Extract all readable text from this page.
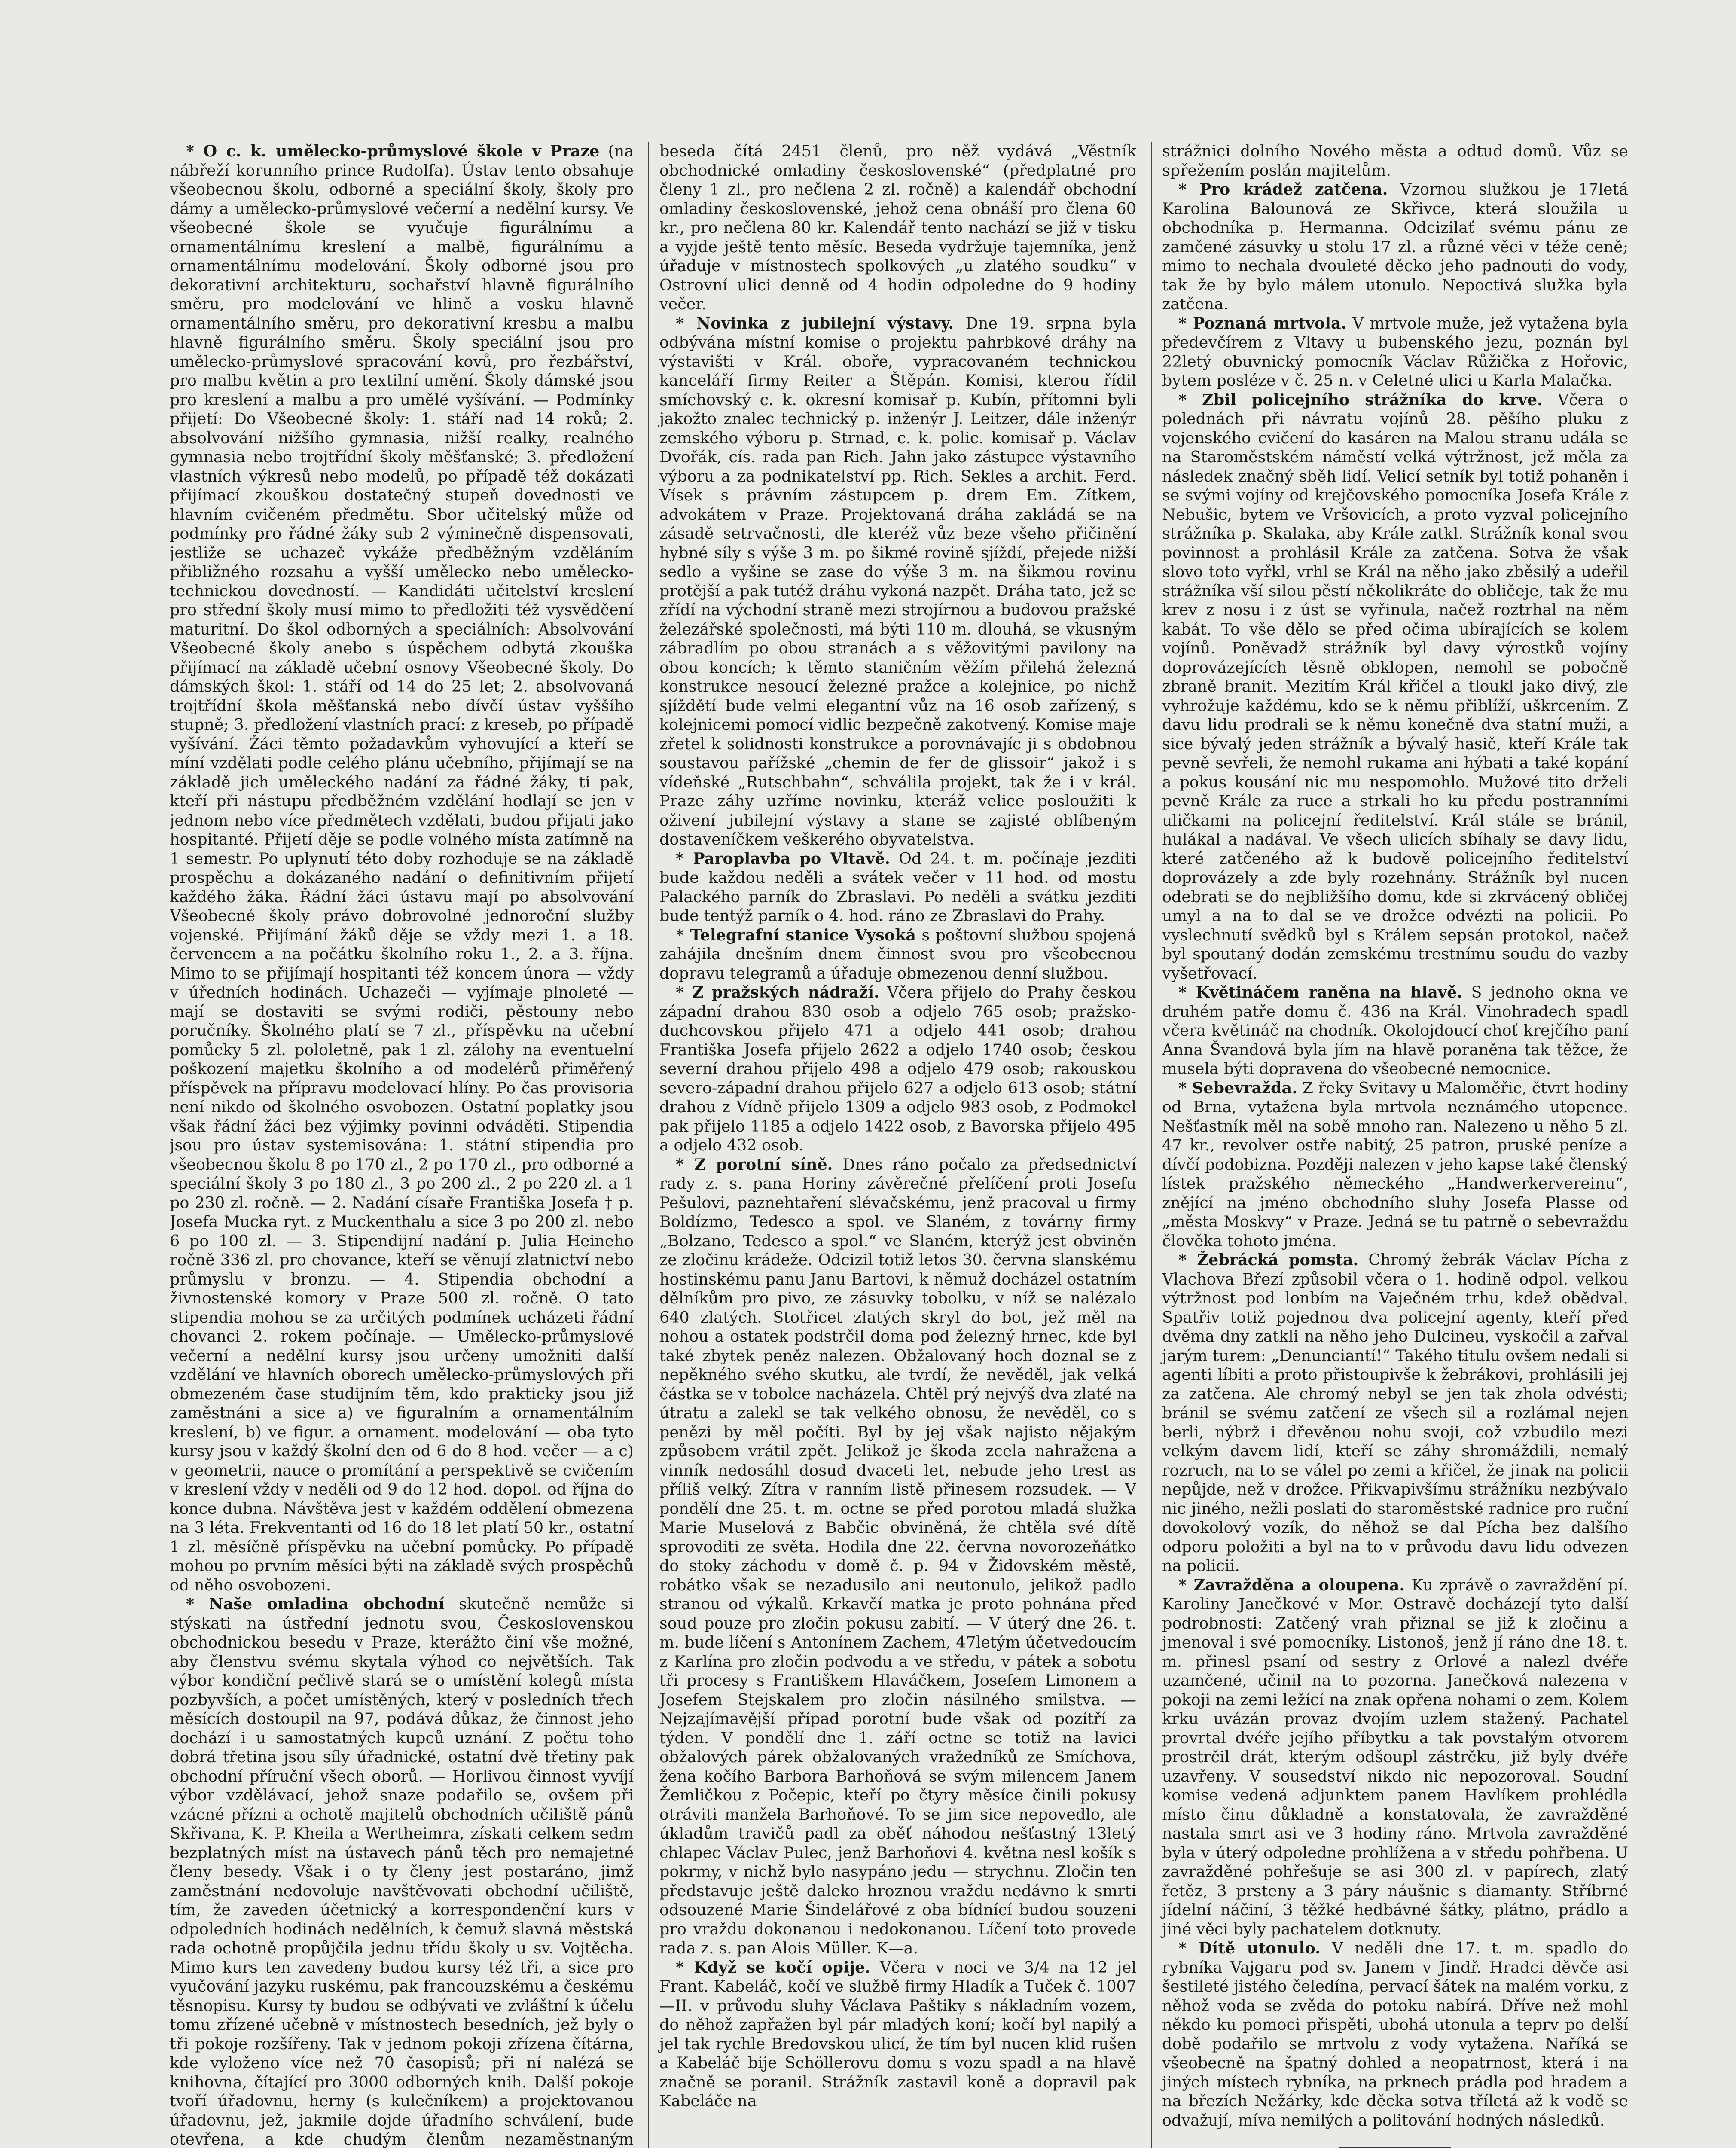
* O c. k. umělecko-průmyslové škole v Praze (na nábřeží korunního prince Rudolfa). Ústav tento obsahuje všeobecnou školu, odborné a speciální školy, školy pro dámy a umělecko-průmyslové večerní a nedělní kursy. Ve všeobecné škole se vyučuje figurálnímu a ornamentálnímu kreslení a malbě, figurálnímu a ornamentálnímu modelování. Školy odborné jsou pro dekorativní architekturu, sochařství hlavně figurálního směru, pro modelování ve hlině a vosku hlavně ornamentálního směru, pro dekorativní kresbu a malbu hlavně figurálního směru. Školy speciální jsou pro umělecko-průmyslové spracování kovů, pro řezbářství, pro malbu květin a pro textilní umění. Školy dámské jsou pro kreslení a malbu a pro umělé vyšívání. — Podmínky přijetí: Do Všeobecné školy: 1. stáří nad 14 roků; 2. absolvování nižšího gymnasia, nižší realky, realného gymnasia nebo trojtřídní školy měšťanské; 3. předložení vlastních výkresů nebo modelů, po případě též dokázati přijímací zkouškou dostatečný stupeň dovednosti ve hlavním cvičeném předmětu. Sbor učitelský může od podmínky pro řádné žáky sub 2 výminečně dispensovati, jestliže se uchazeč vykáže předběžným vzděláním přibližného rozsahu a vyšší umělecko nebo umělecko-technickou dovedností. — Kandidáti učitelství kreslení pro střední školy musí mimo to předložiti též vysvědčení maturitní. Do škol odborných a speciálních: Absolvování Všeobecné školy anebo s úspěchem odbytá zkouška přijímací na základě učební osnovy Všeobecné školy. Do dámských škol: 1. stáří od 14 do 25 let; 2. absolvovaná trojtřídní škola měšťanská nebo dívčí ústav vyššího stupně; 3. předložení vlastních prací: z kreseb, po případě vyšívání. Žáci těmto požadavkům vyhovující a kteří se míní vzdělati podle celého plánu učebního, přijímají se na základě jich uměleckého nadání za řádné žáky, ti pak, kteří při nástupu předběžném vzdělání hodlají se jen v jednom nebo více předmětech vzdělati, budou přijati jako hospitanté. Přijetí děje se podle volného místa zatímně na 1 semestr. Po uplynutí této doby rozhoduje se na základě prospěchu a dokázaného nadání o definitivním přijetí každého žáka. Řádní žáci ústavu mají po absolvování Všeobecné školy právo dobrovolné jednoroční služby vojenské. Přijímání žáků děje se vždy mezi 1. a 18. červencem a na počátku školního roku 1., 2. a 3. října. Mimo to se přijímají hospitanti též koncem února — vždy v úředních hodinách. Uchazeči — vyjímaje plnoleté — mají se dostaviti se svými rodiči, pěstouny nebo poručníky. Školného platí se 7 zl., příspěvku na učební pomůcky 5 zl. pololetně, pak 1 zl. zálohy na eventuelní poškození majetku školního a od modelérů přiměřený příspěvek na přípravu modelovací hlíny. Po čas provisoria není nikdo od školného osvobozen. Ostatní poplatky jsou však řádní žáci bez výjimky povinni odváděti. Stipendia jsou pro ústav systemisována: 1. státní stipendia pro všeobecnou školu 8 po 170 zl., 2 po 170 zl., pro odborné a speciální školy 3 po 180 zl., 3 po 200 zl., 2 po 220 zl. a 1 po 230 zl. ročně. — 2. Nadání císaře Františka Josefa † p. Josefa Mucka ryt. z Muckenthalu a sice 3 po 200 zl. nebo 6 po 100 zl. — 3. Stipendijní nadání p. Julia Heineho ročně 336 zl. pro chovance, kteří se věnují zlatnictví nebo průmyslu v bronzu. — 4. Stipendia obchodní a živnostenské komory v Praze 500 zl. ročně. O tato stipendia mohou se za určitých podmínek ucházeti řádní chovanci 2. rokem počínaje. — Umělecko-průmyslové večerní a nedělní kursy jsou určeny umožniti další vzdělání ve hlavních oborech umělecko-průmyslových při obmezeném čase studijním těm, kdo prakticky jsou již zaměstnáni a sice a) ve figuralním a ornamentálním kreslení, b) ve figur. a ornament. modelování — oba tyto kursy jsou v každý školní den od 6 do 8 hod. večer — a c) v geometrii, nauce o promítání a perspektivě se cvičením v kreslení vždy v neděli od 9 do 12 hod. dopol. od října do konce dubna. Návštěva jest v každém oddělení obmezena na 3 léta. Frekventanti od 16 do 18 let platí 50 kr., ostatní 1 zl. měsíčně příspěvku na učební pomůcky. Po případě mohou po prvním měsíci býti na základě svých prospěchů od něho osvobozeni.

* Naše omladina obchodní skutečně nemůže si stýskati na ústřední jednotu svou, Československou obchodnickou besedu v Praze, kterážto činí vše možné, aby členstvu svému skytala výhod co největších. Tak výbor kondiční pečlivě stará se o umístění kolegů místa pozbyvších, a počet umístěných, který v posledních třech měsících dostoupil na 97, podává důkaz, že činnost jeho dochází i u samostatných kupců uznání. Z počtu toho dobrá třetina jsou síly úřadnické, ostatní dvě třetiny pak obchodní příruční všech oborů. — Horlivou činnost vyvíjí výbor vzdělávací, jehož snaze podařilo se, ovšem při vzácné přízni a ochotě majitelů obchodních učiliště pánů Skřivana, K. P. Kheila a Wertheimra, získati celkem sedm bezplatných míst na ústavech pánů těch pro nemajetné členy besedy. Však i o ty členy jest postaráno, jimž zaměstnání nedovoluje navštěvovati obchodní učiliště, tím, že zaveden účetnický a korrespondenční kurs v odpoledních hodinách nedělních, k čemuž slavná městská rada ochotně propůjčila jednu třídu školy u sv. Vojtěcha. Mimo kurs ten zavedeny budou kursy též tři, a sice pro vyučování jazyku ruskému, pak francouzskému a českému těsnopisu. Kursy ty budou se odbývati ve zvláštní k účelu tomu zřízené učebně v místnostech besedních, jež byly o tři pokoje rozšířeny. Tak v jednom pokoji zřízena čítárna, kde vyloženo více než 70 časopisů; při ní nalézá se knihovna, čítající pro 3000 odborných knih. Další pokoje tvoří úřadovnu, herny (s kulečníkem) a projektovanou úřadovnu, jež, jakmile dojde úřadního schválení, bude otevřena, a kde chudým členům nezaměstnaným

beseda čítá 2451 členů, pro něž vydává „Věstník obchodnické omladiny československé“ (předplatné pro členy 1 zl., pro nečlena 2 zl. ročně) a kalendář obchodní omladiny československé, jehož cena obnáší pro člena 60 kr., pro nečlena 80 kr. Kalendář tento nachází se již v tisku a vyjde ještě tento měsíc. Beseda vydržuje tajemníka, jenž úřaduje v místnostech spolkových „u zlatého soudku“ v Ostrovní ulici denně od 4 hodin odpoledne do 9 hodiny večer.

* Novinka z jubilejní výstavy. Dne 19. srpna byla odbývána místní komise o projektu pahrbkové dráhy na výstavišti v Král. oboře, vypracovaném technickou kanceláří firmy Reiter a Štěpán. Komisi, kterou řídil smíchovský c. k. okresní komisař p. Kubín, přítomni byli jakožto znalec technický p. inženýr J. Leitzer, dále inženýr zemského výboru p. Strnad, c. k. polic. komisař p. Václav Dvořák, cís. rada pan Rich. Jahn jako zástupce výstavního výboru a za podnikatelství pp. Rich. Sekles a archit. Ferd. Vísek s právním zástupcem p. drem Em. Zítkem, advokátem v Praze. Projektovaná dráha zakládá se na zásadě setrvačnosti, dle kteréž vůz beze všeho přičinění hybné síly s výše 3 m. po šikmé rovině sjíždí, přejede nižší sedlo a vyšine se zase do výše 3 m. na šikmou rovinu protější a pak tutéž dráhu vykoná nazpět. Dráha tato, jež se zřídí na východní straně mezi strojírnou a budovou pražské železářské společnosti, má býti 110 m. dlouhá, se vkusným zábradlím po obou stranách a s věžovitými pavilony na obou koncích; k těmto staničním věžím přilehá železná konstrukce nesoucí železné pražce a kolejnice, po nichž sjíždětí bude velmi elegantní vůz na 16 osob zařízený, s kolejnicemi pomocí vidlic bezpečně zakotvený. Komise maje zřetel k solidnosti konstrukce a porovnávajíc ji s obdobnou soustavou pařížské „chemin de fer de glissoir“ jakož i s vídeňské „Rutschbahn“, schválila projekt, tak že i v král. Praze záhy uzříme novinku, kteráž velice posloužiti k oživení jubilejní výstavy a stane se zajisté oblíbeným dostaveníčkem veškerého obyvatelstva.

* Paroplavba po Vltavě. Od 24. t. m. počínaje jezditi bude každou neděli a svátek večer v 11 hod. od mostu Palackého parník do Zbraslavi. Po neděli a svátku jezditi bude tentýž parník o 4. hod. ráno ze Zbraslavi do Prahy.

* Telegrafní stanice Vysoká s poštovní službou spojená zahájila dnešním dnem činnost svou pro všeobecnou dopravu telegramů a úřaduje obmezenou denní službou.

* Z pražských nádraží. Včera přijelo do Prahy českou západní drahou 830 osob a odjelo 765 osob; pražsko-duchcovskou přijelo 471 a odjelo 441 osob; drahou Františka Josefa přijelo 2622 a odjelo 1740 osob; českou severní drahou přijelo 498 a odjelo 479 osob; rakouskou severo-západní drahou přijelo 627 a odjelo 613 osob; státní drahou z Vídně přijelo 1309 a odjelo 983 osob, z Podmokel pak přijelo 1185 a odjelo 1422 osob, z Bavorska přijelo 495 a odjelo 432 osob.

* Z porotní síně. Dnes ráno počalo za předsednictví rady z. s. pana Horiny závěrečné přelíčení proti Josefu Pešulovi, paznehtaření slévačskému, jenž pracoval u firmy Boldízmo, Tedesco a spol. ve Slaném, z továrny firmy „Bolzano, Tedesco a spol.“ ve Slaném, kterýž jest obviněn ze zločinu krádeže. Odcizil totiž letos 30. června slanskému hostinskému panu Janu Bartovi, k němuž docházel ostatním dělníkům pro pivo, ze zásuvky tobolku, v níž se nalézalo 640 zlatých. Stotřicet zlatých skryl do bot, jež měl na nohou a ostatek podstrčil doma pod železný hrnec, kde byl také zbytek peněz nalezen. Obžalovaný hoch doznal se z nepěkného svého skutku, ale tvrdí, že nevěděl, jak velká částka se v tobolce nacházela. Chtěl prý nejvýš dva zlaté na útratu a zalekl se tak velkého obnosu, že nevěděl, co s penězi by měl počíti. Byl by jej však najisto nějakým způsobem vrátil zpět. Jelikož je škoda zcela nahražena a vinník nedosáhl dosud dvaceti let, nebude jeho trest as příliš velký. Zítra v ranním listě přinesem rozsudek. — V pondělí dne 25. t. m. octne se před porotou mladá služka Marie Muselová z Babčic obviněná, že chtěla své dítě sprovoditi ze světa. Hodila dne 22. června novorozeňátko do stoky záchodu v domě č. p. 94 v Židovském městě, robátko však se nezadusilo ani neutonulo, jelikož padlo stranou od výkalů. Krkavčí matka je proto pohnána před soud pouze pro zločin pokusu zabití. — V úterý dne 26. t. m. bude líčení s Antonínem Zachem, 47letým účetvedoucím z Karlína pro zločin podvodu a ve středu, v pátek a sobotu tři procesy s Františkem Hlaváčkem, Josefem Limonem a Josefem Stejskalem pro zločin násilného smilstva. — Nejzajímavější případ porotní bude však od pozítří za týden. V pondělí dne 1. září octne se totiž na lavici obžalových párek obžalovaných vražedníků ze Smíchova, žena kočího Barbora Barhoňová se svým milencem Janem Žemličkou z Počepic, kteří po čtyry měsíce činili pokusy otráviti manžela Barhoňové. To se jim sice nepovedlo, ale úkladům travičů padl za oběť náhodou nešťastný 13letý chlapec Václav Pulec, jenž Barhoňovi 4. května nesl košík s pokrmy, v nichž bylo nasypáno jedu — strychnu. Zločin ten představuje ještě daleko hroznou vraždu nedávno k smrti odsouzené Marie Šindelářové z oba bídnící budou souzeni pro vraždu dokonanou i nedokonanou. Líčení toto provede rada z. s. pan Alois Müller. K—a.

* Když se kočí opije. Včera v noci ve 3/4 na 12 jel Frant. Kabeláč, kočí ve službě firmy Hladík a Tuček č. 1007—II. v průvodu sluhy Václava Paštiky s nákladním vozem, do něhož zapřažen byl pár mladých koní; kočí byl napilý a jel tak rychle Bredovskou ulicí, že tím byl nucen klid rušen a Kabeláč bije Schöllerovu domu s vozu spadl a na hlavě značně se poranil. Strážník zastavil koně a dopravil pak Kabeláče na

strážnici dolního Nového města a odtud domů. Vůz se spřežením poslán majitelům.

* Pro krádež zatčena. Vzornou služkou je 17letá Karolina Balounová ze Skřivce, která sloužila u obchodníka p. Hermanna. Odcizilať svému pánu ze zamčené zásuvky u stolu 17 zl. a různé věci v téže ceně; mimo to nechala dvouleté děcko jeho padnouti do vody, tak že by bylo málem utonulo. Nepoctivá služka byla zatčena.

* Poznaná mrtvola. V mrtvole muže, jež vytažena byla předevčírem z Vltavy u bubenského jezu, poznán byl 22letý obuvnický pomocník Václav Růžička z Hořovic, bytem posléze v č. 25 n. v Celetné ulici u Karla Malačka.

* Zbil policejního strážníka do krve. Včera o polednách při návratu vojínů 28. pěšího pluku z vojenského cvičení do kasáren na Malou stranu udála se na Staroměstském náměstí velká výtržnost, jež měla za následek značný sběh lidí. Velicí setník byl totiž pohaněn i se svými vojíny od krejčovského pomocníka Josefa Krále z Nebušic, bytem ve Vršovicích, a proto vyzval policejního strážníka p. Skalaka, aby Krále zatkl. Strážník konal svou povinnost a prohlásil Krále za zatčena. Sotva že však slovo toto vyřkl, vrhl se Král na něho jako zběsilý a udeřil strážníka vší silou pěstí několikráte do obličeje, tak že mu krev z nosu i z úst se vyřinula, načež roztrhal na něm kabát. To vše dělo se před očima ubírajících se kolem vojínů. Poněvadž strážník byl davy výrostků vojíny doprovázejících těsně obklopen, nemohl se pobočně zbraně branit. Mezitím Král křičel a tloukl jako divý, zle vyhrožuje každému, kdo se k němu přiblíží, uškrcením. Z davu lidu prodrali se k němu konečně dva statní muži, a sice bývalý jeden strážník a bývalý hasič, kteří Krále tak pevně sevřeli, že nemohl rukama ani hýbati a také kopání a pokus kousání nic mu nespomohlo. Mužové tito drželi pevně Krále za ruce a strkali ho ku předu postranními uličkami na policejní ředitelství. Král stále se bránil, hulákal a nadával. Ve všech ulicích sbíhaly se davy lidu, které zatčeného až k budově policejního ředitelství doprovázely a zde byly rozehnány. Strážník byl nucen odebrati se do nejbližšího domu, kde si zkrvácený obličej umyl a na to dal se ve drožce odvézti na policii. Po vyslechnutí svědků byl s Králem sepsán protokol, načež byl spoutaný dodán zemskému trestnímu soudu do vazby vyšetřovací.

* Květináčem raněna na hlavě. S jednoho okna ve druhém patře domu č. 436 na Král. Vinohradech spadl včera květináč na chodník. Okolojdoucí choť krejčího paní Anna Švandová byla jím na hlavě poraněna tak těžce, že musela býti dopravena do všeobecné nemocnice.

* Sebevražda. Z řeky Svitavy u Maloměřic, čtvrt hodiny od Brna, vytažena byla mrtvola neznámého utopence. Nešťastník měl na sobě mnoho ran. Nalezeno u něho 5 zl. 47 kr., revolver ostře nabitý, 25 patron, pruské peníze a dívčí podobizna. Později nalezen v jeho kapse také členský lístek pražského německého „Handwerkervereinu“, znějící na jméno obchodního sluhy Josefa Plasse od „města Moskvy“ v Praze. Jedná se tu patrně o sebevraždu člověka tohoto jména.

* Žebrácká pomsta. Chromý žebrák Václav Pícha z Vlachova Březí způsobil včera o 1. hodině odpol. velkou výtržnost pod lonbím na Vaječném trhu, kdež obědval. Spatřiv totiž pojednou dva policejní agenty, kteří před dvěma dny zatkli na něho jeho Dulcineu, vyskočil a zařval jarým turem: „Denunciantí!“ Takého titulu ovšem nedali si agenti líbiti a proto přistoupivše k žebrákovi, prohlásili jej za zatčena. Ale chromý nebyl se jen tak zhola odvésti; bránil se svému zatčení ze všech sil a rozlámal nejen berli, nýbrž i dřevěnou nohu svoji, což vzbudilo mezi velkým davem lidí, kteří se záhy shromáždili, nemalý rozruch, na to se válel po zemi a křičel, že jinak na policii nepůjde, než v drožce. Přikvapivšímu strážníku nezbývalo nic jiného, nežli poslati do staroměstské radnice pro ruční dovokolový vozík, do něhož se dal Pícha bez dalšího odporu položiti a byl na to v průvodu davu lidu odvezen na policii.

* Zavražděna a oloupena. Ku zprávě o zavraždění pí. Karoliny Janečkové v Mor. Ostravě docházejí tyto další podrobnosti: Zatčený vrah přiznal se již k zločinu a jmenoval i své pomocníky. Listonoš, jenž jí ráno dne 18. t. m. přinesl psaní od sestry z Orlové a nalezl dvéře uzamčené, učinil na to pozorna. Janečková nalezena v pokoji na zemi ležící na znak opřena nohami o zem. Kolem krku uvázán provaz dvojím uzlem stažený. Pachatel provrtal dvéře jejího příbytku a tak povstalým otvorem prostrčil drát, kterým odšoupl zástrčku, již byly dvéře uzavřeny. V sousedství nikdo nic nepozoroval. Soudní komise vedená adjunktem panem Havlíkem prohlédla místo činu důkladně a konstatovala, že zavražděné nastala smrt asi ve 3 hodiny ráno. Mrtvola zavražděné byla v úterý odpoledne prohlížena a v středu pohřbena. U zavražděné pohřešuje se asi 300 zl. v papírech, zlatý řetěz, 3 prsteny a 3 páry náušnic s diamanty. Stříbrné jídelní náčiní, 3 těžké hedbávné šátky, plátno, prádlo a jiné věci byly pachatelem dotknuty.

* Dítě utonulo. V neděli dne 17. t. m. spadlo do rybníka Vajgaru pod sv. Janem v Jindř. Hradci děvče asi šestileté jistého čeledína, pervací šátek na malém vorku, z něhož voda se zvěda do potoku nabírá. Dříve než mohl někdo ku pomoci přispěti, ubohá utonula a teprv po delší době podařilo se mrtvolu z vody vytažena. Naříká se všeobecně na špatný dohled a neopatrnost, která i na jiných místech rybníka, na prknech prádla pod hradem a na březích Nežárky, kde děcka sotva tříletá až k vodě se odvažují, míva nemilých a politování hodných následků.
